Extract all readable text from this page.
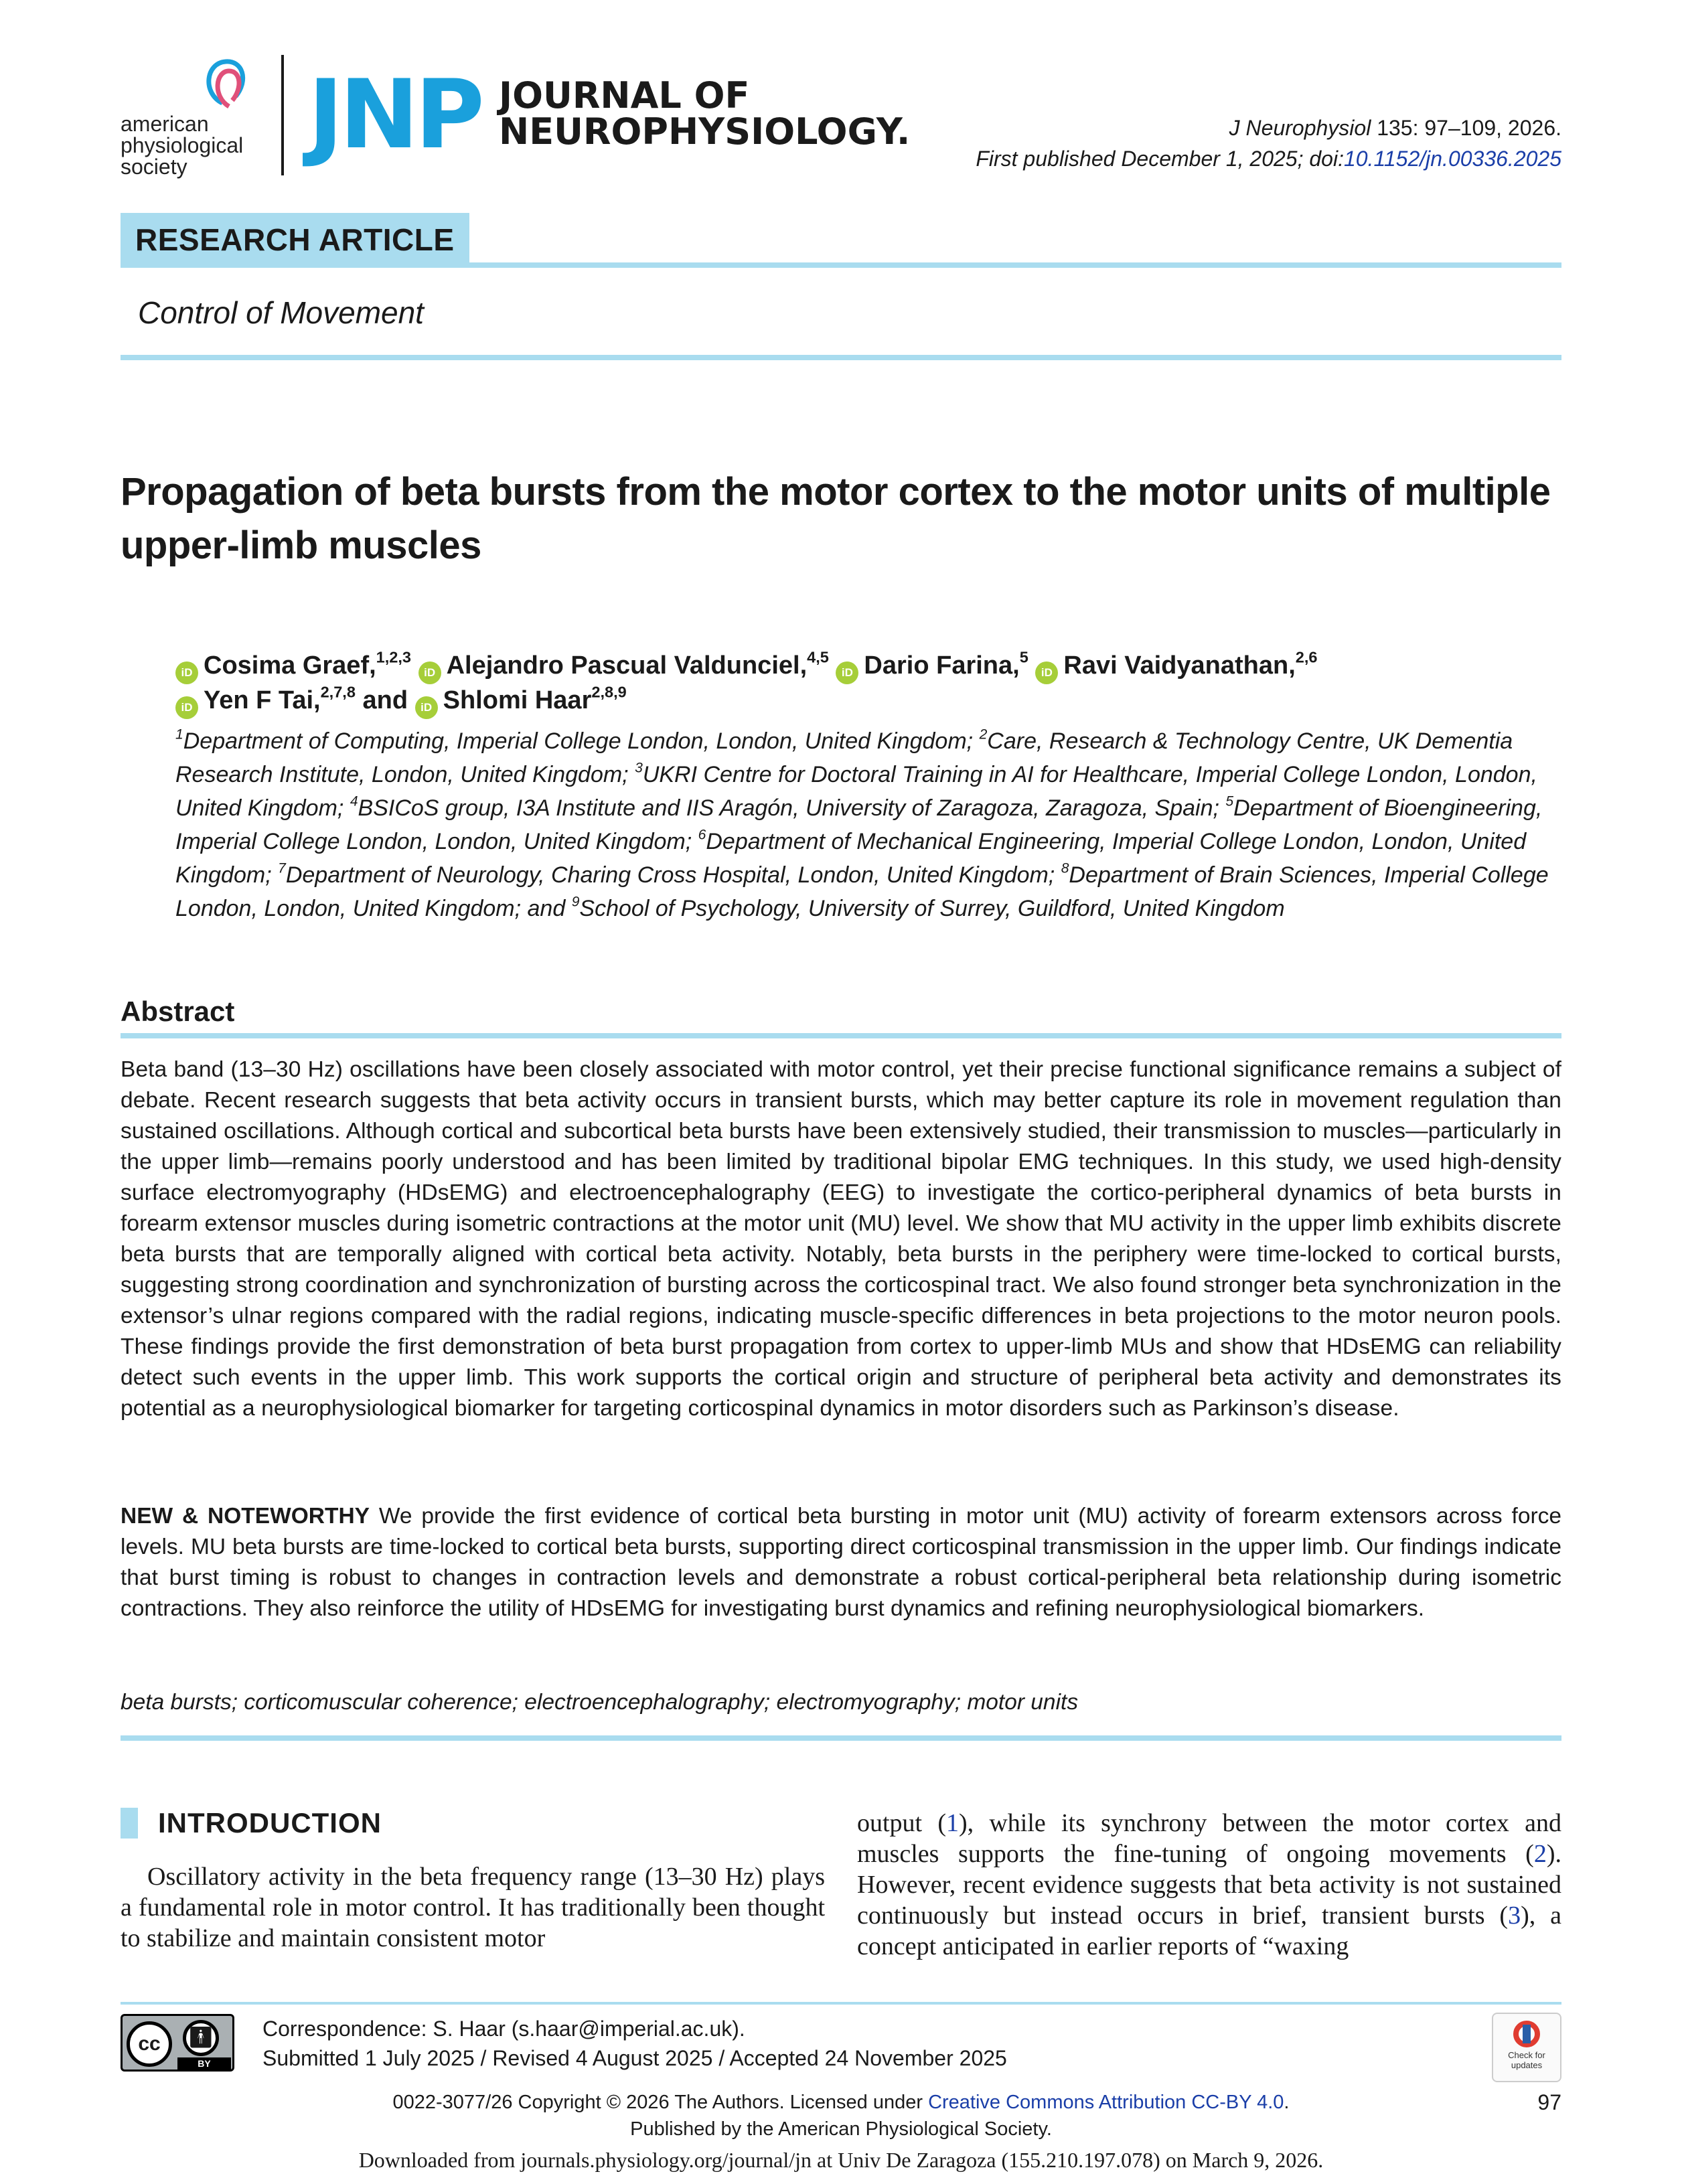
american
physiological
society	JNP JOURNAL OF
NEUROPHYSIOLOGY.	J Neurophysiol 135: 97–109, 2026.
First published December 1, 2025; doi:10.1152/jn.00336.2025
RESEARCH ARTICLE
Control of Movement
Propagation of beta bursts from the motor cortex to the motor units of multiple upper-limb muscles
iD Cosima Graef,$^{1,2,3}$ iD Alejandro Pascual Valdunciel,$^{4,5}$ iD Dario Farina,$^5$ iD Ravi Vaidyanathan,$^{2,6}$
iD Yen F Tai,$^{2,7,8}$ and iD Shlomi Haar$^{2,8,9}$
$^1$Department of Computing, Imperial College London, London, United Kingdom; $^2$Care, Research & Technology Centre, UK Dementia Research Institute, London, United Kingdom; $^3$UKRI Centre for Doctoral Training in AI for Healthcare, Imperial College London, London, United Kingdom; $^4$BSICoS group, I3A Institute and IIS Aragón, University of Zaragoza, Zaragoza, Spain; $^5$Department of Bioengineering, Imperial College London, London, United Kingdom; $^6$Department of Mechanical Engineering, Imperial College London, London, United Kingdom; $^7$Department of Neurology, Charing Cross Hospital, London, United Kingdom; $^8$Department of Brain Sciences, Imperial College London, London, United Kingdom; and $^9$School of Psychology, University of Surrey, Guildford, United Kingdom
Abstract
Beta band (13–30 Hz) oscillations have been closely associated with motor control, yet their precise functional significance remains a subject of debate. Recent research suggests that beta activity occurs in transient bursts, which may better capture its role in movement regulation than sustained oscillations. Although cortical and subcortical beta bursts have been extensively studied, their transmission to muscles—particularly in the upper limb—remains poorly understood and has been limited by traditional bipolar EMG techniques. In this study, we used high-density surface electromyography (HDsEMG) and electroencephalography (EEG) to investigate the cortico-peripheral dynamics of beta bursts in forearm extensor muscles during isometric contractions at the motor unit (MU) level. We show that MU activity in the upper limb exhibits discrete beta bursts that are temporally aligned with cortical beta activity. Notably, beta bursts in the periphery were time-locked to cortical bursts, suggesting strong coordination and synchronization of bursting across the corticospinal tract. We also found stronger beta synchronization in the extensor’s ulnar regions compared with the radial regions, indicating muscle-specific differences in beta projections to the motor neuron pools. These findings provide the first demonstration of beta burst propagation from cortex to upper-limb MUs and show that HDsEMG can reliability detect such events in the upper limb. This work supports the cortical origin and structure of peripheral beta activity and demonstrates its potential as a neurophysiological biomarker for targeting corticospinal dynamics in motor disorders such as Parkinson’s disease.
NEW & NOTEWORTHY We provide the first evidence of cortical beta bursting in motor unit (MU) activity of forearm extensors across force levels. MU beta bursts are time-locked to cortical beta bursts, supporting direct corticospinal transmission in the upper limb. Our findings indicate that burst timing is robust to changes in contraction levels and demonstrate a robust cortical-peripheral beta relationship during isometric contractions. They also reinforce the utility of HDsEMG for investigating burst dynamics and refining neurophysiological biomarkers.
beta bursts; corticomuscular coherence; electroencephalography; electromyography; motor units
INTRODUCTION
Oscillatory activity in the beta frequency range (13–30 Hz) plays a fundamental role in motor control. It has traditionally been thought to stabilize and maintain consistent motor
output (1), while its synchrony between the motor cortex and muscles supports the fine-tuning of ongoing movements (2). However, recent evidence suggests that beta activity is not sustained continuously but instead occurs in brief, transient bursts (3), a concept anticipated in earlier reports of “waxing
cc	🚹︎
BY
Correspondence: S. Haar (s.haar@imperial.ac.uk).
Submitted 1 July 2025 / Revised 4 August 2025 / Accepted 24 November 2025	Check for updates
0022-3077/26 Copyright © 2026 The Authors. Licensed under Creative Commons Attribution CC-BY 4.0.
Published by the American Physiological Society.
97
Downloaded from journals.physiology.org/journal/jn at Univ De Zaragoza (155.210.197.078) on March 9, 2026.
